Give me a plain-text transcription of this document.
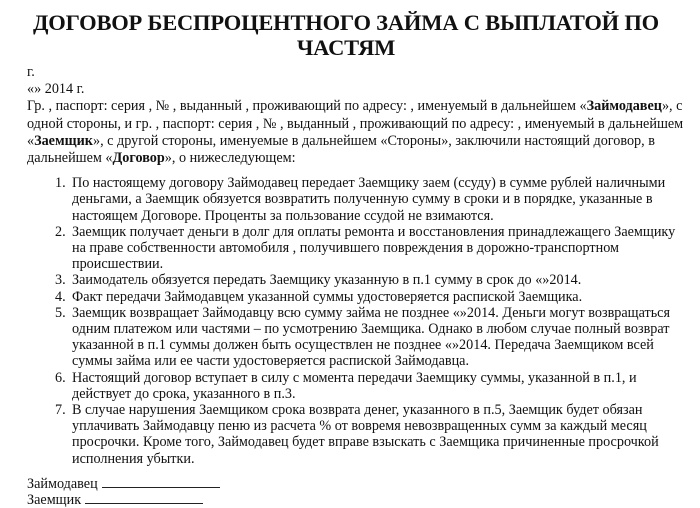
ДОГОВОР БЕСПРОЦЕНТНОГО ЗАЙМА С ВЫПЛАТОЙ ПО ЧАСТЯМ

г.

«» 2014 г.

Гр. , паспорт: серия , № , выданный , проживающий по адресу: , именуемый в дальнейшем «Займодавец», с одной стороны, и гр. , паспорт: серия , № , выданный , проживающий по адресу: , именуемый в дальнейшем «Заемщик», с другой стороны, именуемые в дальнейшем «Стороны», заключили настоящий договор, в дальнейшем «Договор», о нижеследующем:

По настоящему договору Займодавец передает Заемщику заем (ссуду) в сумме рублей наличными деньгами, а Заемщик обязуется возвратить полученную сумму в сроки и в порядке, указанные в настоящем Договоре. Проценты за пользование ссудой не взимаются.
Заемщик получает деньги в долг для оплаты ремонта и восстановления принадлежащего Заемщику на праве собственности автомобиля , получившего повреждения в дорожно-транспортном происшествии.
Заимодатель обязуется передать Заемщику указанную в п.1 сумму в срок до «»2014.
Факт передачи Займодавцем указанной суммы удостоверяется распиской Заемщика.
Заемщик возвращает Займодавцу всю сумму займа не позднее «»2014. Деньги могут возвращаться одним платежом или частями – по усмотрению Заемщика. Однако в любом случае полный возврат указанной в п.1 суммы должен быть осуществлен не позднее «»2014. Передача Заемщиком всей суммы займа или ее части удостоверяется распиской Займодавца.
Настоящий договор вступает в силу с момента передачи Заемщику суммы, указанной в п.1, и действует до срока, указанного в п.3.
В случае нарушения Заемщиком срока возврата денег, указанного в п.5, Заемщик будет обязан уплачивать Займодавцу пеню из расчета % от вовремя невозвращенных сумм за каждый месяц просрочки. Кроме того, Займодавец будет вправе взыскать с Заемщика причиненные просрочкой исполнения убытки.
Займодавец
Заемщик
